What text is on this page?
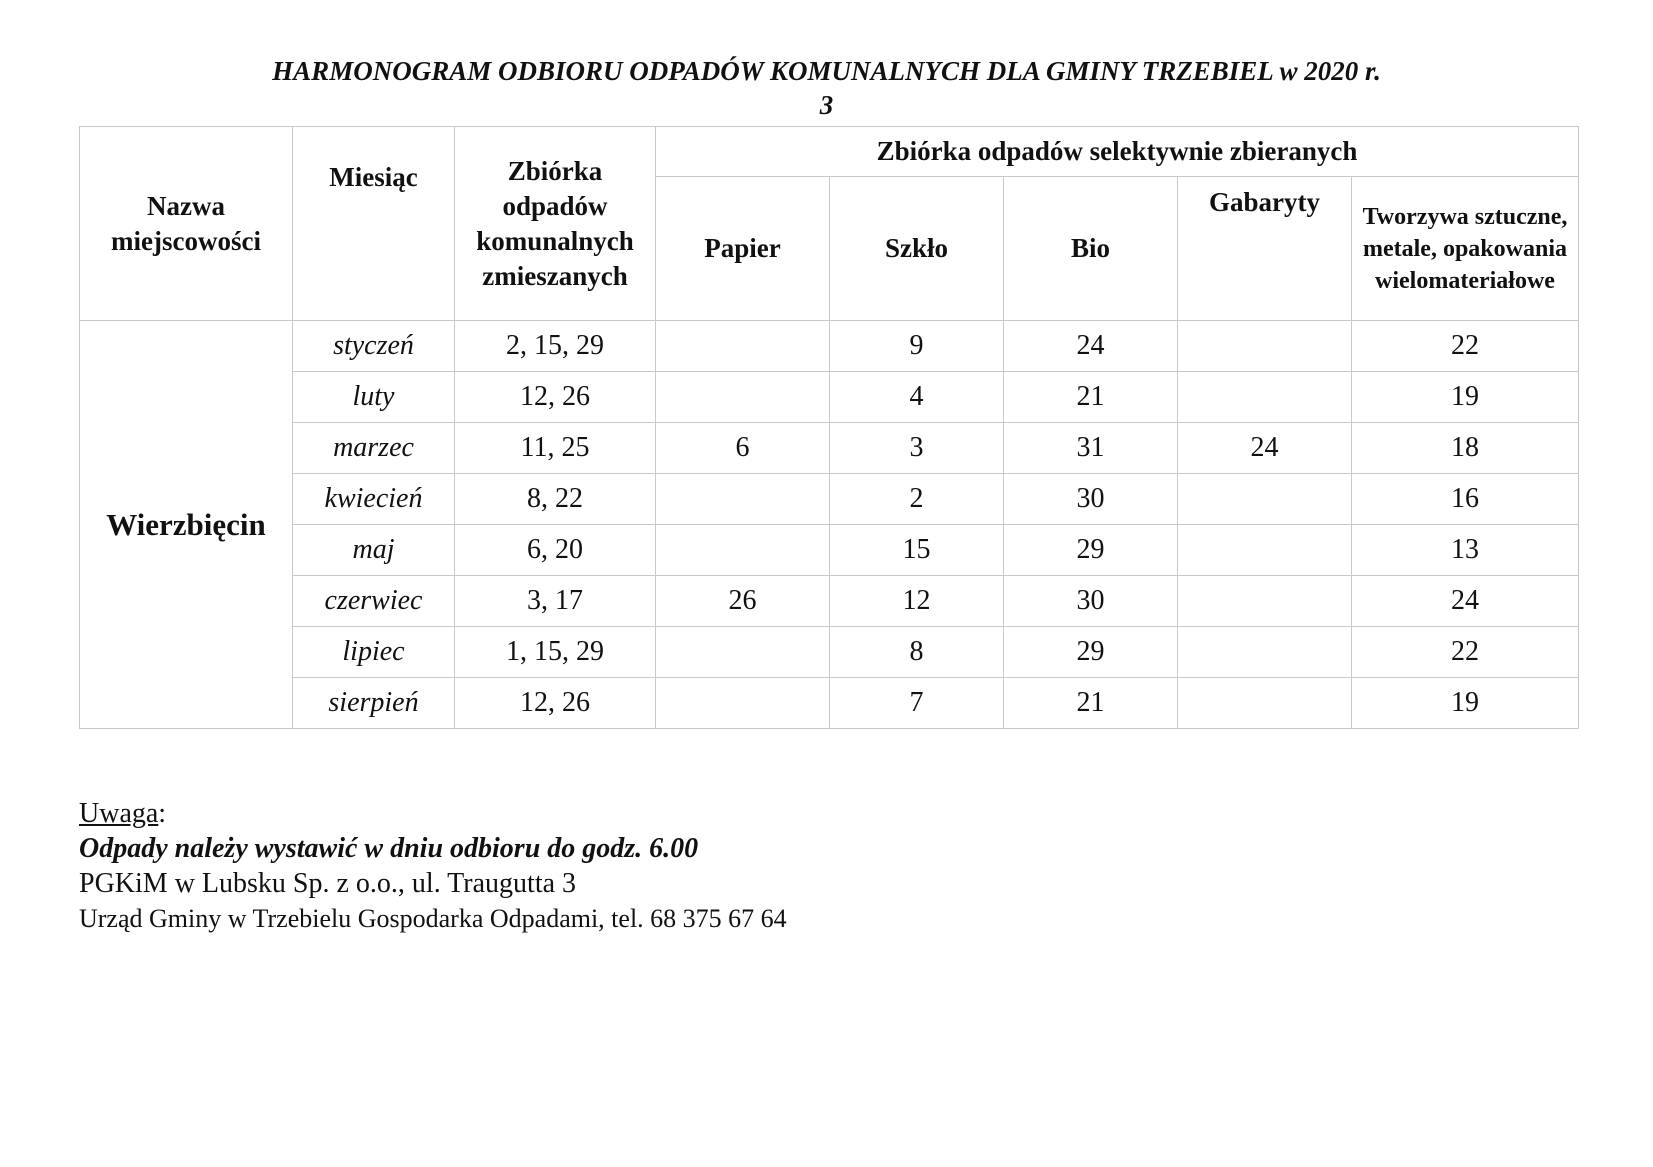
HARMONOGRAM ODBIORU ODPADÓW KOMUNALNYCH DLA GMINY TRZEBIEL w 2020 r.
3
Nazwa miejscowości	Miesiąc	Zbiórka odpadów komunalnych zmieszanych	Zbiórka odpadów selektywnie zbieranych				
			Papier	Szkło	Bio	Gabaryty	Tworzywa sztuczne, metale, opakowania wielomateriałowe
Wierzbięcin	styczeń	2, 15, 29		9	24		22
	luty	12, 26		4	21		19
	marzec	11, 25	6	3	31	24	18
	kwiecień	8, 22		2	30		16
	maj	6, 20		15	29		13
	czerwiec	3, 17	26	12	30		24
	lipiec	1, 15, 29		8	29		22
	sierpień	12, 26		7	21		19
Uwaga:
Odpady należy wystawić w dniu odbioru do godz. 6.00
PGKiM w Lubsku Sp. z o.o., ul. Traugutta 3
Urząd Gminy w Trzebielu Gospodarka Odpadami, tel. 68 375 67 64
